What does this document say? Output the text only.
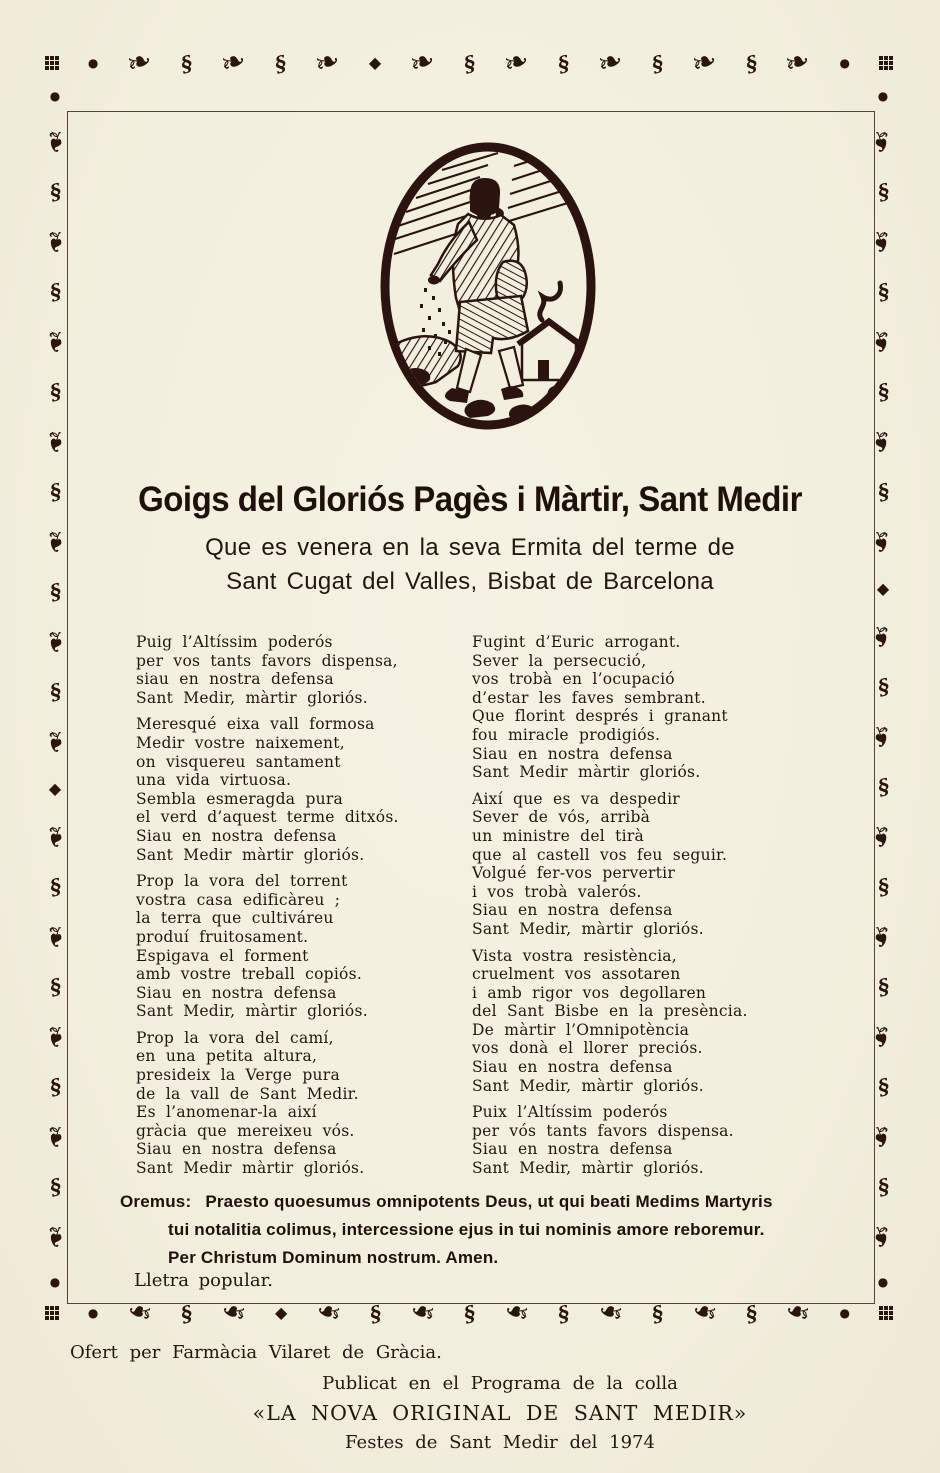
● ❧ § ❧ § ❧ ◆ ❧ § ❧ § ❧ § ❧ § ❧ ●
● ❧ § ❧ ◆ ❧ § ❧ § ❧ § ❧ § ❧ § ❧ ●
●
❧
§
❧
§
❧
§
❧
§
❧
§
❧
§
❧
◆
❧
§
❧
§
❧
§
❧
§
❧
●
●
❧
§
❧
§
❧
§
❧
§
❧
◆
❧
§
❧
§
❧
§
❧
§
❧
§
❧
§
❧
●
Goigs del Gloriós Pagès i Màrtir, Sant Medir
Que es venera en la seva Ermita del terme de
Sant Cugat del Valles, Bisbat de Barcelona
Puig l’Altíssim poderós
per vos tants favors dispensa,
siau en nostra defensa
Sant Medir, màrtir gloriós.
Meresqué eixa vall formosa
Medir vostre naixement,
on visquereu santament
una vida virtuosa.
Sembla esmeragda pura
el verd d’aquest terme ditxós.
Siau en nostra defensa
Sant Medir màrtir gloriós.
Prop la vora del torrent
vostra casa edificàreu ;
la terra que cultiváreu
produí fruitosament.
Espigava el forment
amb vostre treball copiós.
Siau en nostra defensa
Sant Medir, màrtir gloriós.
Prop la vora del camí,
en una petita altura,
presideix la Verge pura
de la vall de Sant Medir.
Es l’anomenar-la així
gràcia que mereixeu vós.
Siau en nostra defensa
Sant Medir màrtir gloriós.
Fugint d’Euric arrogant.
Sever la persecució,
vos trobà en l’ocupació
d’estar les faves sembrant.
Que florint després i granant
fou miracle prodigiós.
Siau en nostra defensa
Sant Medir màrtir gloriós.
Així que es va despedir
Sever de vós, arribà
un ministre del tirà
que al castell vos feu seguir.
Volgué fer-vos pervertir
i vos trobà valerós.
Siau en nostra defensa
Sant Medir, màrtir gloriós.
Vista vostra resistència,
cruelment vos assotaren
i amb rigor vos degollaren
del Sant Bisbe en la presència.
De màrtir l’Omnipotència
vos donà el llorer preciós.
Siau en nostra defensa
Sant Medir, màrtir gloriós.
Puix l’Altíssim poderós
per vós tants favors dispensa.
Siau en nostra defensa
Sant Medir, màrtir gloriós.
Oremus: Praesto quoesumus omnipotents Deus, ut qui beati Medims Martyris
tui notalitia colimus, intercessione ejus in tui nominis amore reboremur.
Per Christum Dominum nostrum. Amen.
Lletra popular.
Ofert per Farmàcia Vilaret de Gràcia.
Publicat en el Programa de la colla
«LA NOVA ORIGINAL DE SANT MEDIR»
Festes de Sant Medir del 1974
